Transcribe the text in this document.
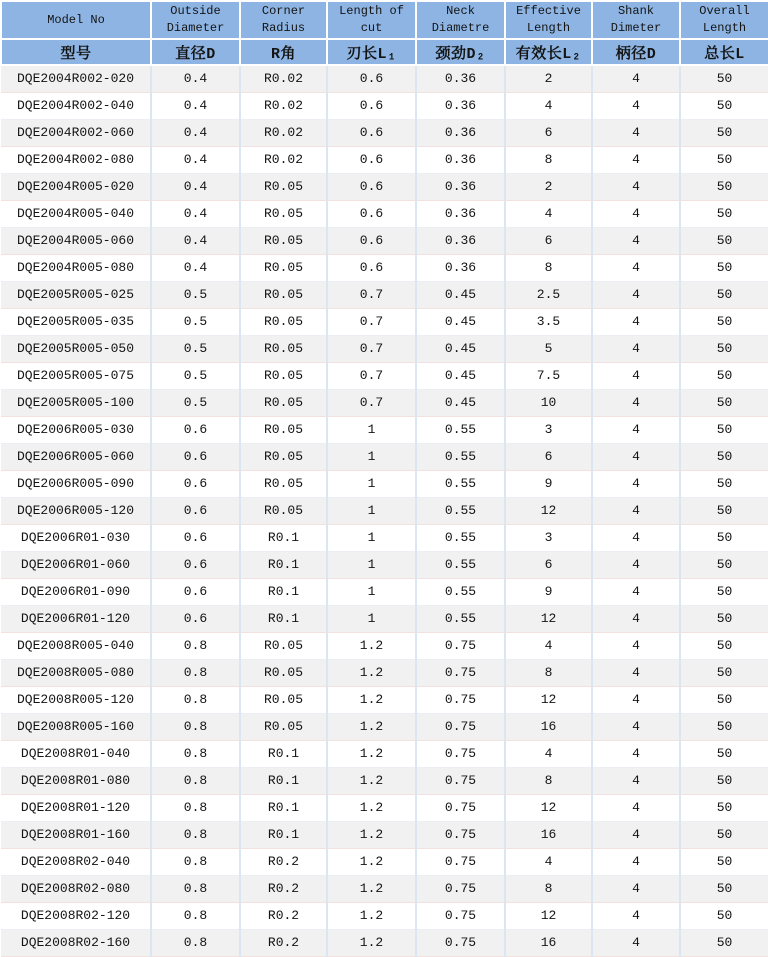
Model No	Outside Diameter	Corner Radius	Length of cut	Neck Diametre	Effective Length	Shank Dimeter	Overall Length
型号	直径D	R角	刃长L₁	颈劲D₂	有效长L₂	柄径D	总长L
DQE2004R002-020	0.4	R0.02	0.6	0.36	2	4	50
DQE2004R002-040	0.4	R0.02	0.6	0.36	4	4	50
DQE2004R002-060	0.4	R0.02	0.6	0.36	6	4	50
DQE2004R002-080	0.4	R0.02	0.6	0.36	8	4	50
DQE2004R005-020	0.4	R0.05	0.6	0.36	2	4	50
DQE2004R005-040	0.4	R0.05	0.6	0.36	4	4	50
DQE2004R005-060	0.4	R0.05	0.6	0.36	6	4	50
DQE2004R005-080	0.4	R0.05	0.6	0.36	8	4	50
DQE2005R005-025	0.5	R0.05	0.7	0.45	2.5	4	50
DQE2005R005-035	0.5	R0.05	0.7	0.45	3.5	4	50
DQE2005R005-050	0.5	R0.05	0.7	0.45	5	4	50
DQE2005R005-075	0.5	R0.05	0.7	0.45	7.5	4	50
DQE2005R005-100	0.5	R0.05	0.7	0.45	10	4	50
DQE2006R005-030	0.6	R0.05	1	0.55	3	4	50
DQE2006R005-060	0.6	R0.05	1	0.55	6	4	50
DQE2006R005-090	0.6	R0.05	1	0.55	9	4	50
DQE2006R005-120	0.6	R0.05	1	0.55	12	4	50
DQE2006R01-030	0.6	R0.1	1	0.55	3	4	50
DQE2006R01-060	0.6	R0.1	1	0.55	6	4	50
DQE2006R01-090	0.6	R0.1	1	0.55	9	4	50
DQE2006R01-120	0.6	R0.1	1	0.55	12	4	50
DQE2008R005-040	0.8	R0.05	1.2	0.75	4	4	50
DQE2008R005-080	0.8	R0.05	1.2	0.75	8	4	50
DQE2008R005-120	0.8	R0.05	1.2	0.75	12	4	50
DQE2008R005-160	0.8	R0.05	1.2	0.75	16	4	50
DQE2008R01-040	0.8	R0.1	1.2	0.75	4	4	50
DQE2008R01-080	0.8	R0.1	1.2	0.75	8	4	50
DQE2008R01-120	0.8	R0.1	1.2	0.75	12	4	50
DQE2008R01-160	0.8	R0.1	1.2	0.75	16	4	50
DQE2008R02-040	0.8	R0.2	1.2	0.75	4	4	50
DQE2008R02-080	0.8	R0.2	1.2	0.75	8	4	50
DQE2008R02-120	0.8	R0.2	1.2	0.75	12	4	50
DQE2008R02-160	0.8	R0.2	1.2	0.75	16	4	50
